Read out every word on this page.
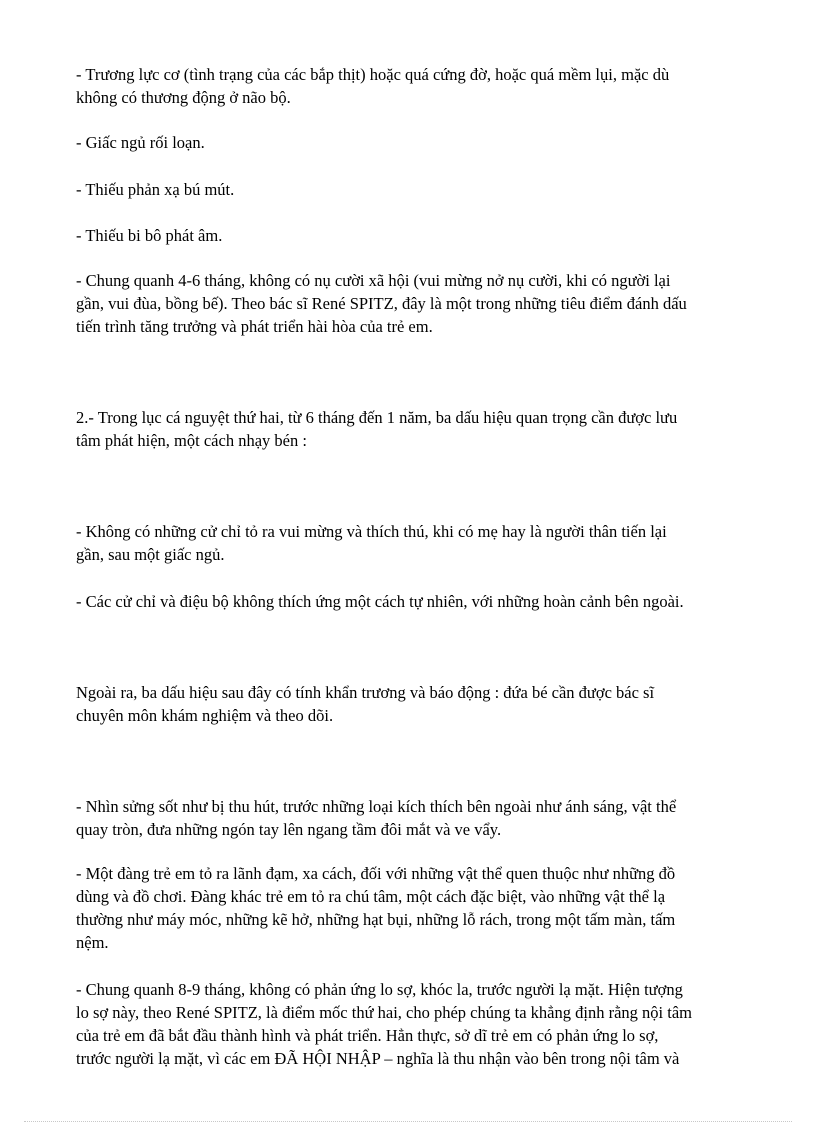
- Trương lực cơ (tình trạng của các bắp thịt) hoặc quá cứng đờ, hoặc quá mềm lụi, mặc dù
không có thương động ở não bộ.

- Giấc ngủ rối loạn.

- Thiếu phản xạ bú mút.

- Thiếu bi bô phát âm.

- Chung quanh 4-6 tháng, không có nụ cười xã hội (vui mừng nở nụ cười, khi có người lại
gần, vui đùa, bồng bế). Theo bác sĩ René SPITZ, đây là một trong những tiêu điểm đánh dấu
tiến trình tăng trưởng và phát triển hài hòa của trẻ em.

2.- Trong lục cá nguyệt thứ hai, từ 6 tháng đến 1 năm, ba dấu hiệu quan trọng cần được lưu
tâm phát hiện, một cách nhạy bén :

- Không có những cử chỉ tỏ ra vui mừng và thích thú, khi có mẹ hay là người thân tiến lại
gần, sau một giấc ngủ.

- Các cử chỉ và điệu bộ không thích ứng một cách tự nhiên, với những hoàn cảnh bên ngoài.

Ngoài ra, ba dấu hiệu sau đây có tính khẩn trương và báo động : đứa bé cần được bác sĩ
chuyên môn khám nghiệm và theo dõi.

- Nhìn sửng sốt như bị thu hút, trước những loại kích thích bên ngoài như ánh sáng, vật thể
quay tròn, đưa những ngón tay lên ngang tầm đôi mắt và ve vẩy.

- Một đàng trẻ em tỏ ra lãnh đạm, xa cách, đối với những vật thể quen thuộc như những đồ
dùng và đồ chơi. Đàng khác trẻ em tỏ ra chú tâm, một cách đặc biệt, vào những vật thể lạ
thường như máy móc, những kẽ hở, những hạt bụi, những lỗ rách, trong một tấm màn, tấm
nệm.

- Chung quanh 8-9 tháng, không có phản ứng lo sợ, khóc la, trước người lạ mặt. Hiện tượng
lo sợ này, theo René SPITZ, là điểm mốc thứ hai, cho phép chúng ta khẳng định rằng nội tâm
của trẻ em đã bắt đầu thành hình và phát triển. Hẳn thực, sở dĩ trẻ em có phản ứng lo sợ,
trước người lạ mặt, vì các em ĐÃ HỘI NHẬP – nghĩa là thu nhận vào bên trong nội tâm và
